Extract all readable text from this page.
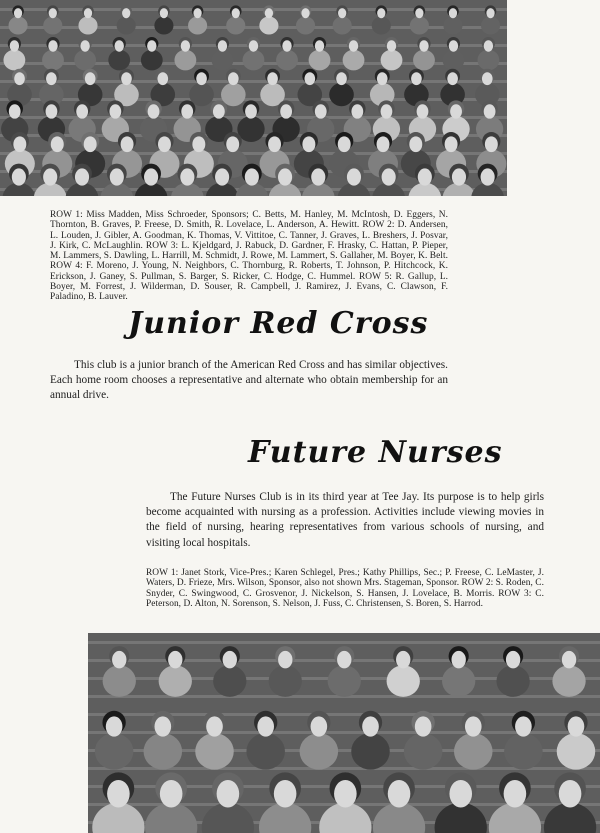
ROW 1: Miss Madden, Miss Schroeder, Sponsors; C. Betts, M. Hanley, M. McIntosh, D. Eggers, N. Thornton, B. Graves, P. Freese, D. Smith, R. Lovelace, L. Anderson, A. Hewitt. ROW 2: D. Andersen, L. Louden, J. Gibler, A. Goodman, K. Thomas, V. Vittitoe, C. Tanner, J. Graves, L. Breshers, J. Posvar, J. Kirk, C. McLaughlin. ROW 3: L. Kjeldgard, J. Rabuck, D. Gardner, F. Hrasky, C. Hattan, P. Pieper, M. Lammers, S. Dawling, L. Harrill, M. Schmidt, J. Rowe, M. Lammert, S. Gallaher, M. Boyer, K. Belt. ROW 4: F. Moreno, J. Young, N. Neighbors, C. Thornburg, R. Roberts, T. Johnson, P. Hitchcock, K. Erickson, J. Ganey, S. Pullman, S. Barger, S. Ricker, C. Hodge, C. Hummel. ROW 5: R. Gallup, L. Boyer, M. Forrest, J. Wilderman, D. Souser, R. Campbell, J. Ramirez, J. Evans, C. Clawson, F. Paladino, B. Lauver.
Junior Red Cross

This club is a junior branch of the American Red Cross and has similar objectives. Each home room chooses a representative and alternate who obtain membership for an annual drive.

Future Nurses

The Future Nurses Club is in its third year at Tee Jay. Its purpose is to help girls become acquainted with nursing as a profession. Activities include viewing movies in the field of nursing, hearing representatives from various schools of nursing, and visiting local hospitals.

ROW 1: Janet Stork, Vice-Pres.; Karen Schlegel, Pres.; Kathy Phillips, Sec.; P. Freese, C. LeMaster, J. Waters, D. Frieze, Mrs. Wilson, Sponsor, also not shown Mrs. Stageman, Sponsor. ROW 2: S. Roden, C. Snyder, C. Swingwood, C. Grosvenor, J. Nickelson, S. Hansen, J. Lovelace, B. Morris. ROW 3: C. Peterson, D. Alton, N. Sorenson, S. Nelson, J. Fuss, C. Christensen, S. Boren, S. Harrod.
